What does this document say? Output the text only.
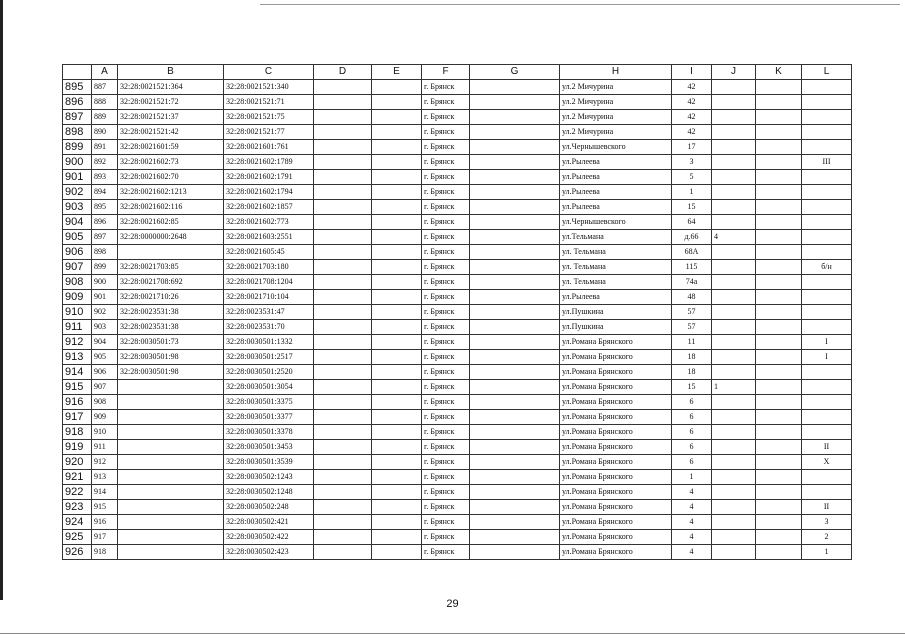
	A	B	C	D	E	F	G	H	I	J	K	L
895	887	32:28:0021521:364	32:28:0021521:340			г. Брянск		ул.2 Мичурина	42			
896	888	32:28:0021521:72	32:28:0021521:71			г. Брянск		ул.2 Мичурина	42			
897	889	32:28:0021521:37	32:28:0021521:75			г. Брянск		ул.2 Мичурина	42			
898	890	32:28:0021521:42	32:28:0021521:77			г. Брянск		ул.2 Мичурина	42			
899	891	32:28:0021601:59	32:28:0021601:761			г. Брянск		ул.Чернышевского	17			
900	892	32:28:0021602:73	32:28:0021602:1789			г. Брянск		ул.Рылеева	3			III
901	893	32:28:0021602:70	32:28:0021602:1791			г. Брянск		ул.Рылеева	5			
902	894	32:28:0021602:1213	32:28:0021602:1794			г. Брянск		ул.Рылеева	1			
903	895	32:28:0021602:116	32:28:0021602:1857			г. Брянск		ул.Рылеева	15			
904	896	32:28:0021602:85	32:28:0021602:773			г. Брянск		ул.Чернышевского	64			
905	897	32:28:0000000:2648	32:28:0021603:2551			г. Брянск		ул.Тельмана	д.66	4		
906	898		32:28:0021605:45			г. Брянск		ул. Тельмана	68А			
907	899	32:28:0021703:85	32:28:0021703:180			г. Брянск		ул. Тельмана	115			б/н
908	900	32:28:0021708:692	32:28:0021708:1204			г. Брянск		ул. Тельмана	74а			
909	901	32:28:0021710:26	32:28:0021710:104			г. Брянск		ул.Рылеева	48			
910	902	32:28:0023531:38	32:28:0023531:47			г. Брянск		ул.Пушкина	57			
911	903	32:28:0023531:38	32:28:0023531:70			г. Брянск		ул.Пушкина	57			
912	904	32:28:0030501:73	32:28:0030501:1332			г. Брянск		ул.Романа Брянского	11			I
913	905	32:28:0030501:98	32:28:0030501:2517			г. Брянск		ул.Романа Брянского	18			I
914	906	32:28:0030501:98	32:28:0030501:2520			г. Брянск		ул.Романа Брянского	18			
915	907		32:28:0030501:3054			г. Брянск		ул.Романа Брянского	15	1		
916	908		32:28:0030501:3375			г. Брянск		ул.Романа Брянского	6			
917	909		32:28:0030501:3377			г. Брянск		ул.Романа Брянского	6			
918	910		32:28:0030501:3378			г. Брянск		ул.Романа Брянского	6			
919	911		32:28:0030501:3453			г. Брянск		ул.Романа Брянского	6			II
920	912		32:28:0030501:3539			г. Брянск		ул.Романа Брянского	6			X
921	913		32:28:0030502:1243			г. Брянск		ул.Романа Брянского	1			
922	914		32:28:0030502:1248			г. Брянск		ул.Романа Брянского	4			
923	915		32:28:0030502:248			г. Брянск		ул.Романа Брянского	4			II
924	916		32:28:0030502:421			г. Брянск		ул.Романа Брянского	4			3
925	917		32:28:0030502:422			г. Брянск		ул.Романа Брянского	4			2
926	918		32:28:0030502:423			г. Брянск		ул.Романа Брянского	4			1
29
